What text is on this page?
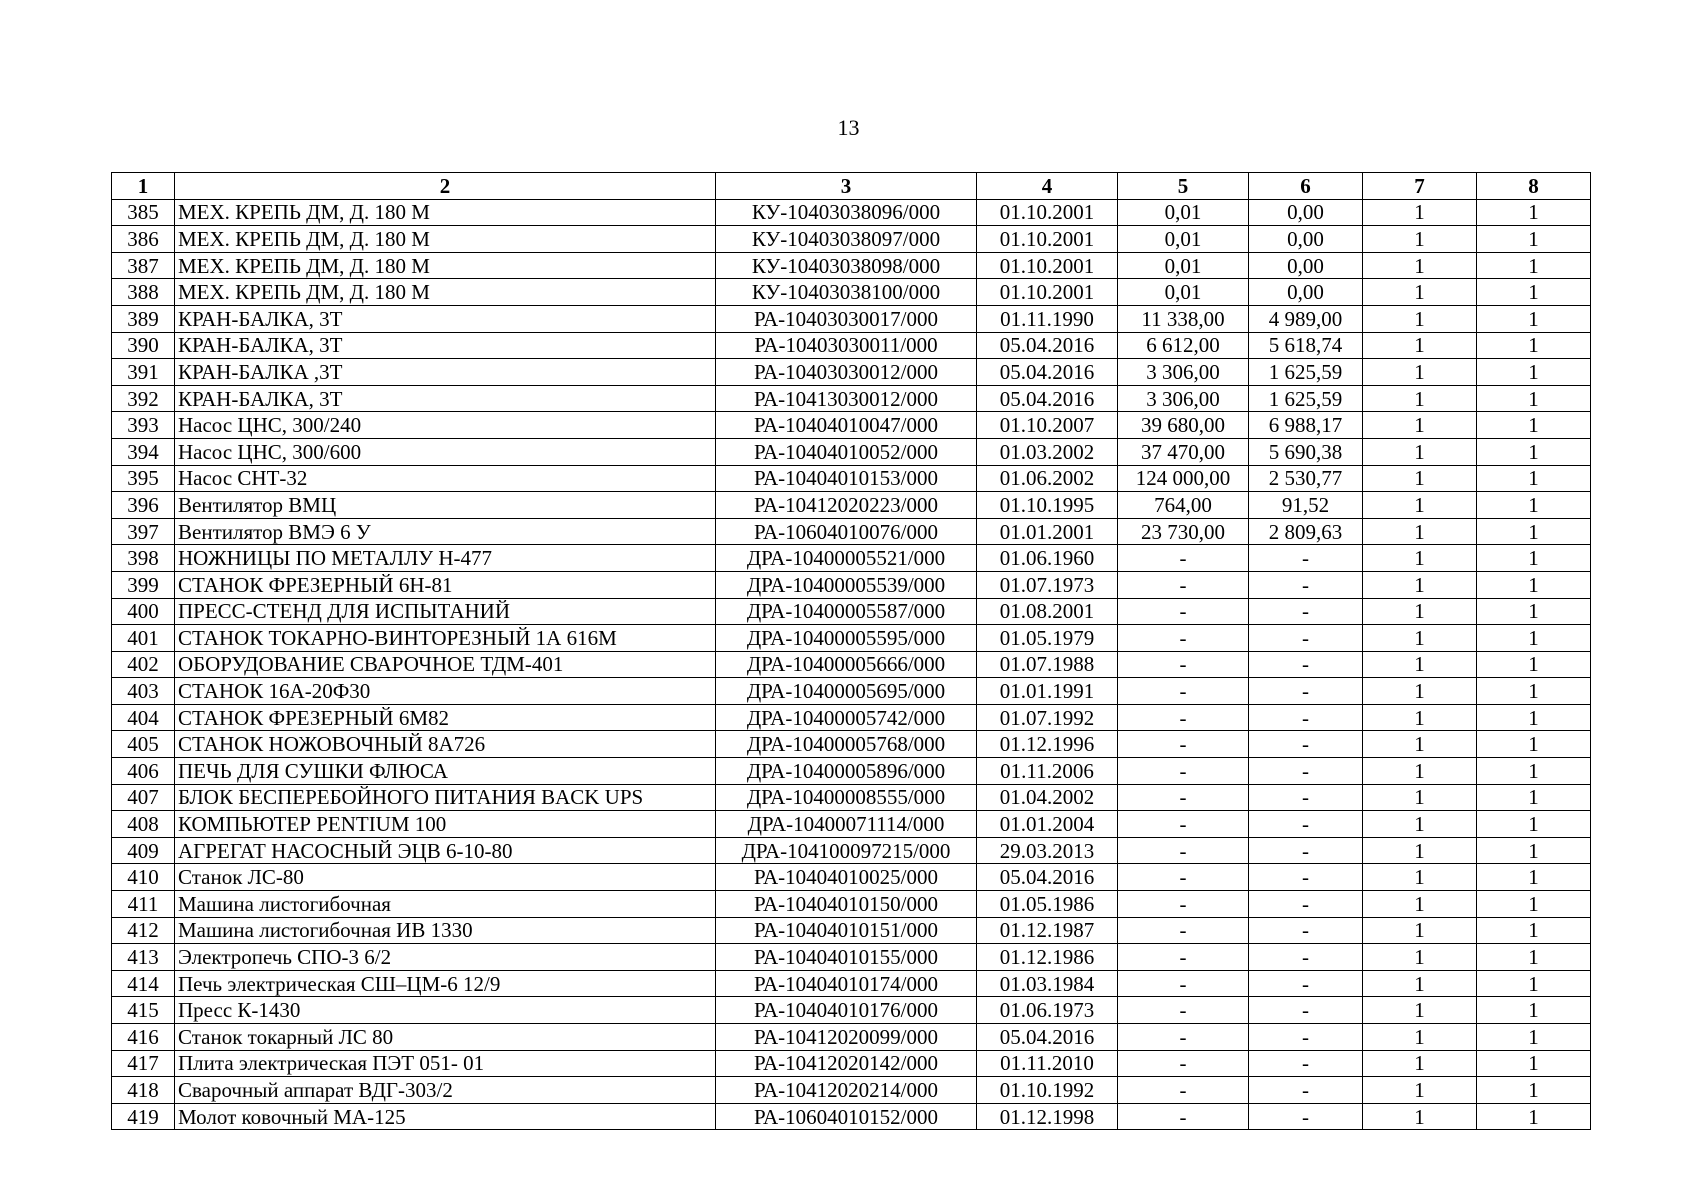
13
1	2	3	4	5	6	7	8
385	МЕХ. КРЕПЬ ДМ, Д. 180 М	КУ-10403038096/000	01.10.2001	0,01	0,00	1	1
386	МЕХ. КРЕПЬ ДМ, Д. 180 М	КУ-10403038097/000	01.10.2001	0,01	0,00	1	1
387	МЕХ. КРЕПЬ ДМ, Д. 180 М	КУ-10403038098/000	01.10.2001	0,01	0,00	1	1
388	МЕХ. КРЕПЬ ДМ, Д. 180 М	КУ-10403038100/000	01.10.2001	0,01	0,00	1	1
389	КРАН-БАЛКА, 3Т	РА-10403030017/000	01.11.1990	11 338,00	4 989,00	1	1
390	КРАН-БАЛКА, 3Т	РА-10403030011/000	05.04.2016	6 612,00	5 618,74	1	1
391	КРАН-БАЛКА ,3Т	РА-10403030012/000	05.04.2016	3 306,00	1 625,59	1	1
392	КРАН-БАЛКА, 3Т	РА-10413030012/000	05.04.2016	3 306,00	1 625,59	1	1
393	Насос ЦНС, 300/240	РА-10404010047/000	01.10.2007	39 680,00	6 988,17	1	1
394	Насос ЦНС, 300/600	РА-10404010052/000	01.03.2002	37 470,00	5 690,38	1	1
395	Насос СНТ-32	РА-10404010153/000	01.06.2002	124 000,00	2 530,77	1	1
396	Вентилятор ВМЦ	РА-10412020223/000	01.10.1995	764,00	91,52	1	1
397	Вентилятор ВМЭ 6 У	РА-10604010076/000	01.01.2001	23 730,00	2 809,63	1	1
398	НОЖНИЦЫ ПО МЕТАЛЛУ Н-477	ДРА-10400005521/000	01.06.1960	-	-	1	1
399	СТАНОК ФРЕЗЕРНЫЙ 6Н-81	ДРА-10400005539/000	01.07.1973	-	-	1	1
400	ПРЕСС-СТЕНД ДЛЯ ИСПЫТАНИЙ	ДРА-10400005587/000	01.08.2001	-	-	1	1
401	СТАНОК ТОКАРНО-ВИНТОРЕЗНЫЙ 1А 616М	ДРА-10400005595/000	01.05.1979	-	-	1	1
402	ОБОРУДОВАНИЕ СВАРОЧНОЕ ТДМ-401	ДРА-10400005666/000	01.07.1988	-	-	1	1
403	СТАНОК 16А-20Ф30	ДРА-10400005695/000	01.01.1991	-	-	1	1
404	СТАНОК ФРЕЗЕРНЫЙ 6М82	ДРА-10400005742/000	01.07.1992	-	-	1	1
405	СТАНОК НОЖОВОЧНЫЙ 8А726	ДРА-10400005768/000	01.12.1996	-	-	1	1
406	ПЕЧЬ ДЛЯ СУШКИ ФЛЮСА	ДРА-10400005896/000	01.11.2006	-	-	1	1
407	БЛОК БЕСПЕРЕБОЙНОГО ПИТАНИЯ BACK UPS	ДРА-10400008555/000	01.04.2002	-	-	1	1
408	КОМПЬЮТЕР PENTIUM 100	ДРА-10400071114/000	01.01.2004	-	-	1	1
409	АГРЕГАТ НАСОСНЫЙ ЭЦВ 6-10-80	ДРА-104100097215/000	29.03.2013	-	-	1	1
410	Станок ЛС-80	РА-10404010025/000	05.04.2016	-	-	1	1
411	Машина листогибочная	РА-10404010150/000	01.05.1986	-	-	1	1
412	Машина листогибочная ИВ 1330	РА-10404010151/000	01.12.1987	-	-	1	1
413	Электропечь СПО-3 6/2	РА-10404010155/000	01.12.1986	-	-	1	1
414	Печь электрическая СШ–ЦМ-6 12/9	РА-10404010174/000	01.03.1984	-	-	1	1
415	Пресс К-1430	РА-10404010176/000	01.06.1973	-	-	1	1
416	Станок токарный ЛС 80	РА-10412020099/000	05.04.2016	-	-	1	1
417	Плита электрическая ПЭТ 051- 01	РА-10412020142/000	01.11.2010	-	-	1	1
418	Сварочный аппарат ВДГ-303/2	РА-10412020214/000	01.10.1992	-	-	1	1
419	Молот ковочный МА-125	РА-10604010152/000	01.12.1998	-	-	1	1
